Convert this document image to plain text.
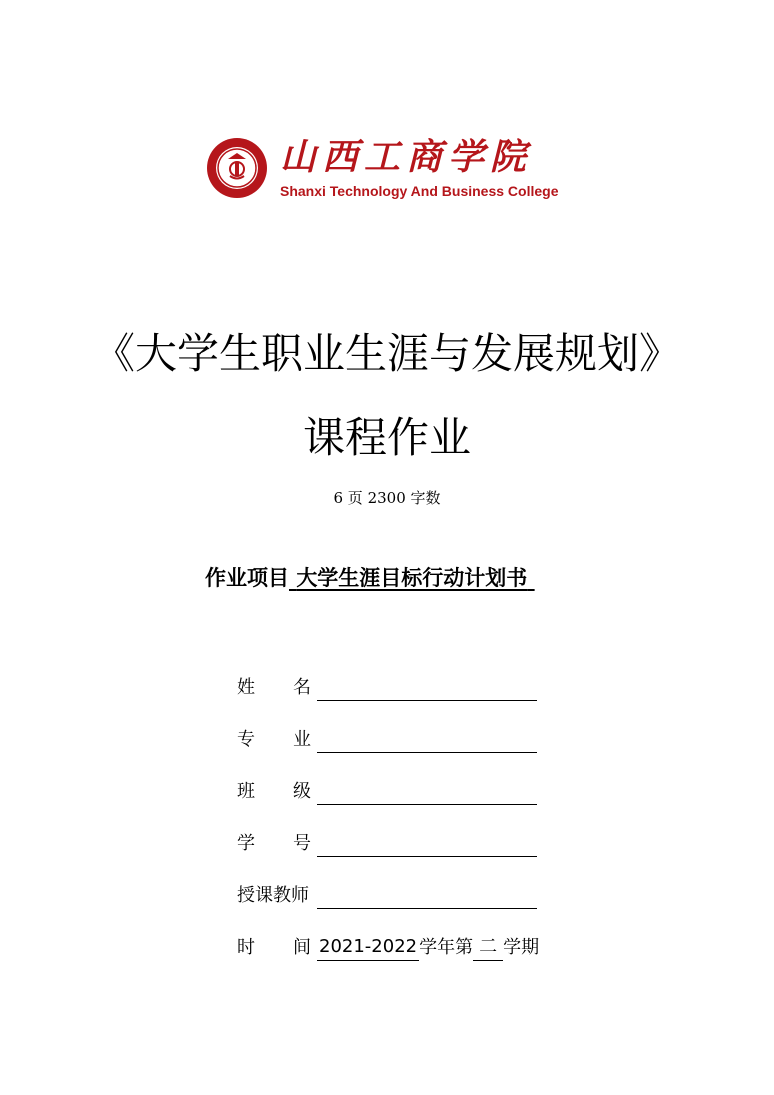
山西工商学院
Shanxi Technology And Business College
《大学生职业生涯与发展规划》
课程作业
6 页 2300 字数
作业项目 大学生涯目标行动计划书
姓 名
专 业
班 级
学 号
授课教师
时 间 2021-2022 学年第 二 学期
